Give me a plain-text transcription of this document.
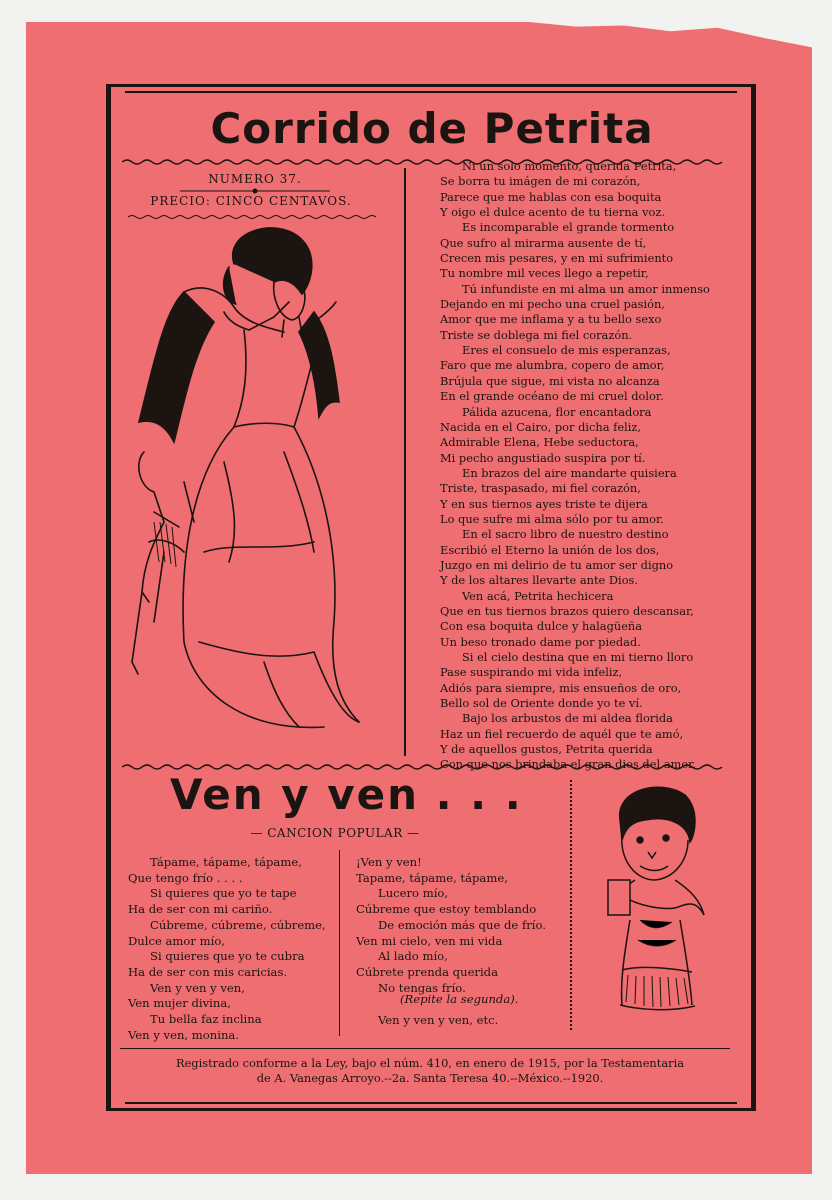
Corrido de Petrita
NUMERO 37.
PRECIO: CINCO CENTAVOS.
Ni un solo momento, querida Petrita,
Se borra tu imágen de mi corazón,
Parece que me hablas con esa boquita
Y oigo el dulce acento de tu tierna voz.
Es incomparable el grande tormento
Que sufro al mirarma ausente de tí,
Crecen mis pesares, y en mi sufrimiento
Tu nombre mil veces llego a repetir,
Tú infundiste en mi alma un amor inmenso
Dejando en mi pecho una cruel pasión,
Amor que me inflama y a tu bello sexo
Triste se doblega mi fiel corazón.
Eres el consuelo de mis esperanzas,
Faro que me alumbra, copero de amor,
Brújula que sigue, mi vista no alcanza
En el grande océano de mi cruel dolor.
Pálida azucena, flor encantadora
Nacida en el Cairo, por dicha feliz,
Admirable Elena, Hebe seductora,
Mi pecho angustiado suspira por tí.
En brazos del aire mandarte quisiera
Triste, traspasado, mi fiel corazón,
Y en sus tiernos ayes triste te dijera
Lo que sufre mi alma sólo por tu amor.
En el sacro libro de nuestro destino
Escribió el Eterno la unión de los dos,
Juzgo en mi delirio de tu amor ser digno
Y de los altares llevarte ante Dios.
Ven acá, Petrita hechicera
Que en tus tiernos brazos quiero descansar,
Con esa boquita dulce y halagüeña
Un beso tronado dame por piedad.
Si el cielo destina que en mi tierno lloro
Pase suspirando mi vida infeliz,
Adiós para siempre, mis ensueños de oro,
Bello sol de Oriente donde yo te ví.
Bajo los arbustos de mi aldea florida
Haz un fiel recuerdo de aquél que te amó,
Y de aquellos gustos, Petrita querida
Con que nos brindaba el gran dios del amor.
Ven y ven . . .
— CANCION POPULAR —
Tápame, tápame, tápame,
Que tengo frío . . . .
Si quieres que yo te tape
Ha de ser con mi cariño.
Cúbreme, cúbreme, cúbreme,
Dulce amor mío,
Si quieres que yo te cubra
Ha de ser con mis caricias.
Ven y ven y ven,
Ven mujer divina,
Tu bella faz inclina
Ven y ven, monina.
¡Ven y ven!
Tapame, tápame, tápame,
Lucero mío,
Cúbreme que estoy temblando
De emoción más que de frío.
Ven mi cielo, ven mi vida
Al lado mío,
Cúbrete prenda querida
No tengas frío.
(Repite la segunda).
Ven y ven y ven, etc.
Registrado conforme a la Ley, bajo el núm. 410, en enero de 1915, por la Testamentaria
de A. Vanegas Arroyo.--2a. Santa Teresa 40.--México.--1920.
